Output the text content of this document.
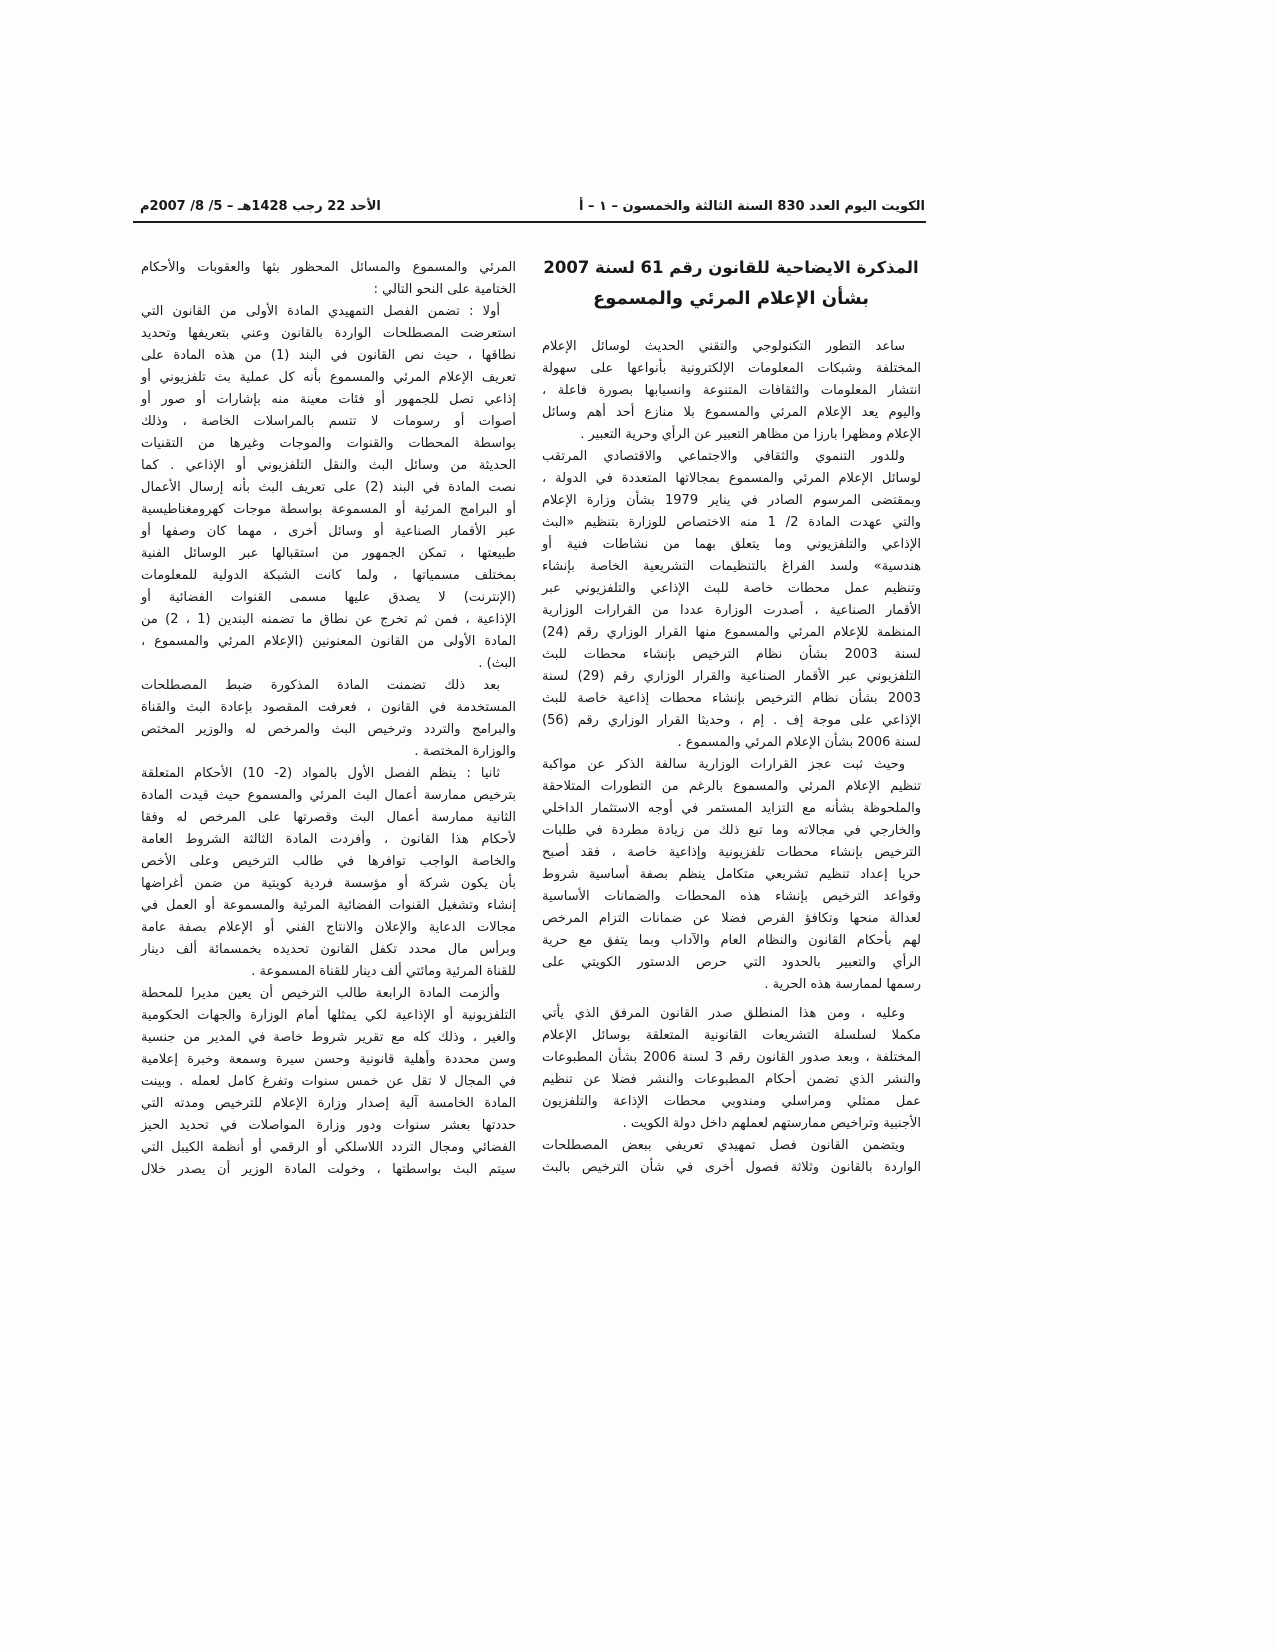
الكويت اليوم العدد 830 السنة الثالثة والخمسون – ١ – أ
الأحد 22 رجب 1428هـ – 5/ 8/ 2007م
المذكرة الايضاحية للقانون رقم 61 لسنة 2007
بشأن الإعلام المرئي والمسموع
ساعد التطور التكنولوجي والتقني الحديث لوسائل الإعلام
المختلفة وشبكات المعلومات الإلكترونية بأنواعها على سهولة
انتشار المعلومات والثقافات المتنوعة وانسيابها بصورة فاعلة ،
واليوم يعد الإعلام المرئي والمسموع بلا منازع أحد أهم وسائل
الإعلام ومظهرا بارزا من مظاهر التعبير عن الرأي وحرية التعبير .
وللدور التنموي والثقافي والاجتماعي والاقتصادي المرتقب
لوسائل الإعلام المرئي والمسموع بمجالاتها المتعددة في الدولة ،
وبمقتضى المرسوم الصادر في يناير 1979 بشأن وزارة الإعلام
والتي عهدت المادة 2/ 1 منه الاختصاص للوزارة بتنظيم «البث
الإذاعي والتلفزيوني وما يتعلق بهما من نشاطات فنية أو
هندسية» ولسد الفراغ بالتنظيمات التشريعية الخاصة بإنشاء
وتنظيم عمل محطات خاصة للبث الإذاعي والتلفزيوني عبر
الأقمار الصناعية ، أصدرت الوزارة عددا من القرارات الوزارية
المنظمة للإعلام المرئي والمسموع منها القرار الوزاري رقم (24)
لسنة 2003 بشأن نظام الترخيص بإنشاء محطات للبث
التلفزيوني عبر الأقمار الصناعية والقرار الوزاري رقم (29) لسنة
2003 بشأن نظام الترخيص بإنشاء محطات إذاعية خاصة للبث
الإذاعي على موجة إف . إم ، وحديثا القرار الوزاري رقم (56)
لسنة 2006 بشأن الإعلام المرئي والمسموع .
وحيث ثبت عجز القرارات الوزارية سالفة الذكر عن مواكبة
تنظيم الإعلام المرئي والمسموع بالرغم من التطورات المتلاحقة
والملحوظة بشأنه مع التزايد المستمر في أوجه الاستثمار الداخلي
والخارجي في مجالاته وما تبع ذلك من زيادة مطردة في طلبات
الترخيص بإنشاء محطات تلفزيونية وإذاعية خاصة ، فقد أصبح
حريا إعداد تنظيم تشريعي متكامل ينظم بصفة أساسية شروط
وقواعد الترخيص بإنشاء هذه المحطات والضمانات الأساسية
لعدالة منحها وتكافؤ الفرص فضلا عن ضمانات التزام المرخص
لهم بأحكام القانون والنظام العام والآداب وبما يتفق مع حرية
الرأي والتعبير بالحدود التي حرص الدستور الكويتي على
رسمها لممارسة هذه الحرية .
وعليه ، ومن هذا المنطلق صدر القانون المرفق الذي يأتي
مكملا لسلسلة التشريعات القانونية المتعلقة بوسائل الإعلام
المختلفة ، وبعد صدور القانون رقم 3 لسنة 2006 بشأن المطبوعات
والنشر الذي تضمن أحكام المطبوعات والنشر فضلا عن تنظيم
عمل ممثلي ومراسلي ومندوبي محطات الإذاعة والتلفزيون
الأجنبية وتراخيص ممارستهم لعملهم داخل دولة الكويت .
ويتضمن القانون فصل تمهيدي تعريفي ببعض المصطلحات
الواردة بالقانون وثلاثة فصول أخرى في شأن الترخيص بالبث
المرئي والمسموع والمسائل المحظور بثها والعقوبات والأحكام
الختامية على النحو التالي :
أولا : تضمن الفصل التمهيدي المادة الأولى من القانون التي
استعرضت المصطلحات الواردة بالقانون وعني بتعريفها وتحديد
نطاقها ، حيث نص القانون في البند (1) من هذه المادة على
تعريف الإعلام المرئي والمسموع بأنه كل عملية بث تلفزيوني أو
إذاعي تصل للجمهور أو فئات معينة منه بإشارات أو صور أو
أصوات أو رسومات لا تتسم بالمراسلات الخاصة ، وذلك
بواسطة المحطات والقنوات والموجات وغيرها من التقنيات
الحديثة من وسائل البث والنقل التلفزيوني أو الإذاعي . كما
نصت المادة في البند (2) على تعريف البث بأنه إرسال الأعمال
أو البرامج المرئية أو المسموعة بواسطة موجات كهرومغناطيسية
عبر الأقمار الصناعية أو وسائل أخرى ، مهما كان وصفها أو
طبيعتها ، تمكن الجمهور من استقبالها عبر الوسائل الفنية
بمختلف مسمياتها ، ولما كانت الشبكة الدولية للمعلومات
(الإنترنت) لا يصدق عليها مسمى القنوات الفضائية أو
الإذاعية ، فمن ثم تخرج عن نطاق ما تضمنه البندين (1 ، 2) من
المادة الأولى من القانون المعنونين (الإعلام المرئي والمسموع ،
البث) .
بعد ذلك تضمنت المادة المذكورة ضبط المصطلحات
المستخدمة في القانون ، فعرفت المقصود بإعادة البث والقناة
والبرامج والتردد وترخيص البث والمرخص له والوزير المختص
والوزارة المختصة .
ثانيا : ينظم الفصل الأول بالمواد (2- 10) الأحكام المتعلقة
بترخيص ممارسة أعمال البث المرئي والمسموع حيث قيدت المادة
الثانية ممارسة أعمال البث وقصرتها على المرخص له وفقا
لأحكام هذا القانون ، وأفردت المادة الثالثة الشروط العامة
والخاصة الواجب توافرها في طالب الترخيص وعلى الأخص
بأن يكون شركة أو مؤسسة فردية كويتية من ضمن أغراضها
إنشاء وتشغيل القنوات الفضائية المرئية والمسموعة أو العمل في
مجالات الدعاية والإعلان والانتاج الفني أو الإعلام بصفة عامة
وبرأس مال محدد تكفل القانون تحديده بخمسمائة ألف دينار
للقناة المرئية ومائتي ألف دينار للقناة المسموعة .
وألزمت المادة الرابعة طالب الترخيص أن يعين مديرا للمحطة
التلفزيونية أو الإذاعية لكي يمثلها أمام الوزارة والجهات الحكومية
والغير ، وذلك كله مع تقرير شروط خاصة في المدير من جنسية
وسن محددة وأهلية قانونية وحسن سيرة وسمعة وخبرة إعلامية
في المجال لا تقل عن خمس سنوات وتفرغ كامل لعمله . وبينت
المادة الخامسة آلية إصدار وزارة الإعلام للترخيص ومدته التي
حددتها بعشر سنوات ودور وزارة المواصلات في تحديد الحيز
الفضائي ومجال التردد اللاسلكي أو الرقمي أو أنظمة الكيبل التي
سيتم البث بواسطتها ، وخولت المادة الوزير أن يصدر خلال
